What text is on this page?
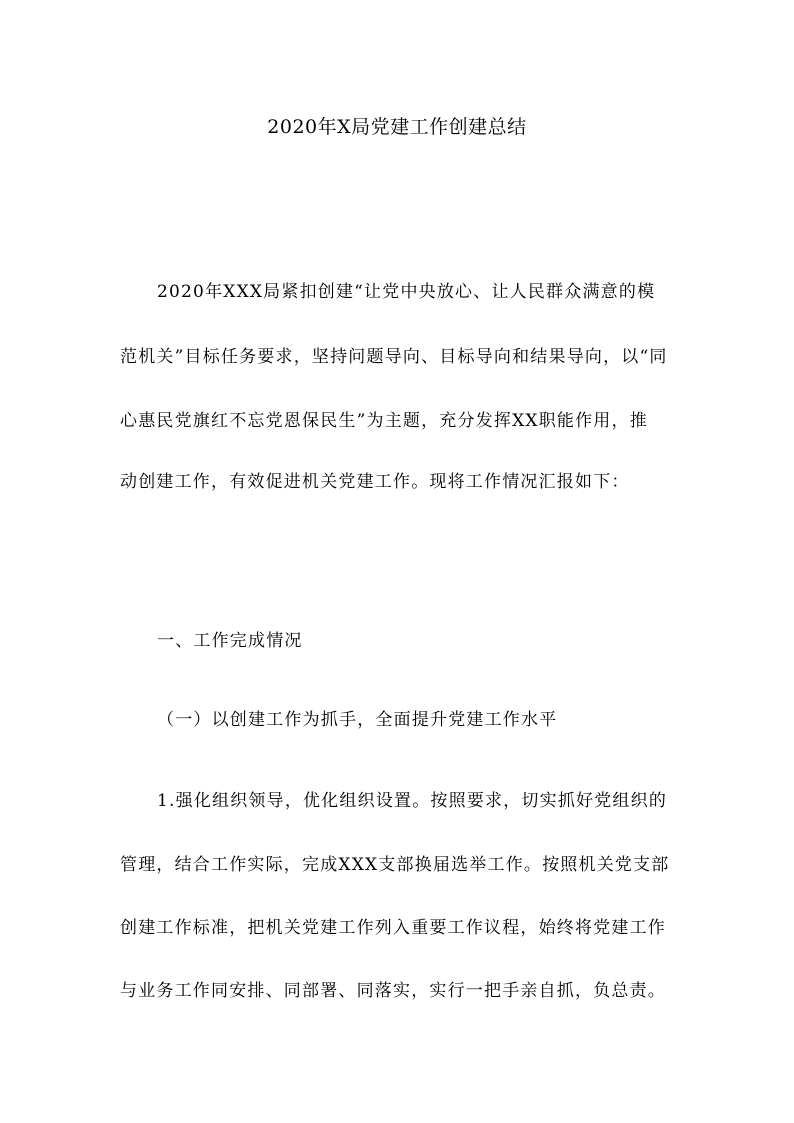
2020年X局党建工作创建总结
2020年XXX局紧扣创建“让党中央放心、让人民群众满意的模
范机关”目标任务要求，坚持问题导向、目标导向和结果导向，以“同
心惠民党旗红不忘党恩保民生”为主题，充分发挥XX职能作用，推
动创建工作，有效促进机关党建工作。现将工作情况汇报如下：
一、工作完成情况
（一）以创建工作为抓手，全面提升党建工作水平
1.强化组织领导，优化组织设置。按照要求，切实抓好党组织的
管理，结合工作实际，完成XXX支部换届选举工作。按照机关党支部
创建工作标准，把机关党建工作列入重要工作议程，始终将党建工作
与业务工作同安排、同部署、同落实，实行一把手亲自抓，负总责。
